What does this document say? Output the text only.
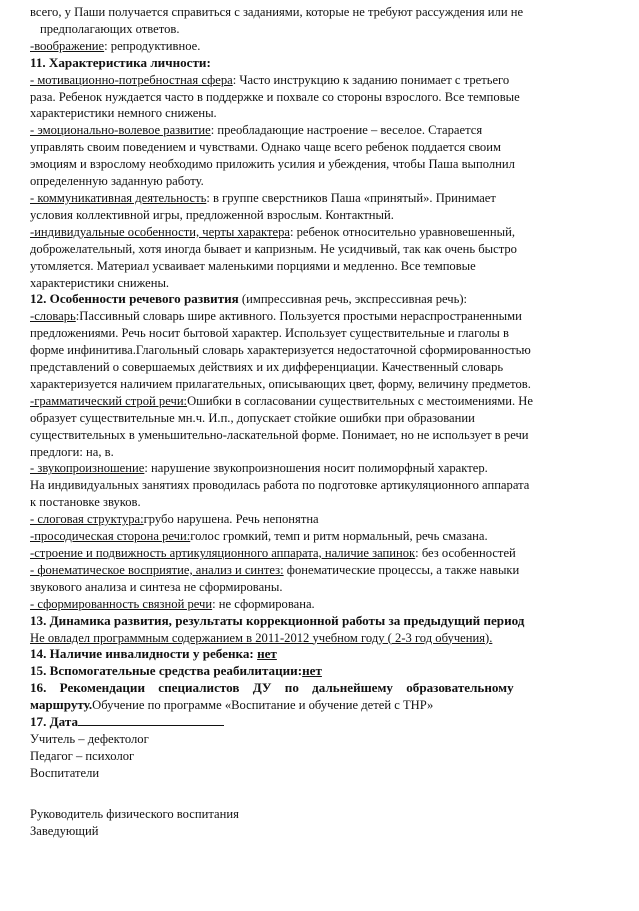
всего, у Паши получается справиться с заданиями, которые не требуют рассуждения или не
предполагающих ответов.
-воображение: репродуктивное.
11. Характеристика личности:
- мотивационно-потребностная сфера: Часто инструкцию к заданию понимает с третьего
раза. Ребенок нуждается часто в поддержке и похвале со стороны взрослого. Все темповые
характеристики немного снижены.
- эмоционально-волевое развитие: преобладающие настроение – веселое. Старается
управлять своим поведением и чувствами. Однако чаще всего ребенок поддается своим
эмоциям и взрослому необходимо приложить усилия и убеждения, чтобы Паша выполнил
определенную заданную работу.
- коммуникативная деятельность: в группе сверстников Паша «принятый». Принимает
условия коллективной игры, предложенной взрослым. Контактный.
-индивидуальные особенности, черты характера: ребенок относительно уравновешенный,
доброжелательный, хотя иногда бывает и капризным. Не усидчивый, так как очень быстро
утомляется. Материал усваивает маленькими порциями и медленно. Все темповые
характеристики снижены.
12. Особенности речевого развития (импрессивная речь, экспрессивная речь):
-словарь:Пассивный словарь шире активного. Пользуется простыми нераспространенными
предложениями. Речь носит бытовой характер. Использует существительные и глаголы в
форме инфинитива.Глагольный словарь характеризуется недостаточной сформированностью
представлений о совершаемых действиях и их дифференциации. Качественный словарь
характеризуется наличием прилагательных, описывающих цвет, форму, величину предметов.
-грамматический строй речи:Ошибки в согласовании существительных с местоимениями. Не
образует существительные мн.ч. И.п., допускает стойкие ошибки при образовании
существительных в уменьшительно-ласкательной форме. Понимает, но не использует в речи
предлоги: на, в.
- звукопроизношение: нарушение звукопроизношения носит полиморфный характер.
На индивидуальных занятиях проводилась работа по подготовке артикуляционного аппарата
к постановке звуков.
- слоговая структура:грубо нарушена. Речь непонятна
-просодическая сторона речи:голос громкий, темп и ритм нормальный, речь смазана.
-строение и подвижность артикуляционного аппарата, наличие запинок: без особенностей
- фонематическое восприятие, анализ и синтез: фонематические процессы, а также навыки
звукового анализа и синтеза не сформированы.
- сформированность связной речи: не сформирована.
13. Динамика развития, результаты коррекционной работы за предыдущий период
Не овладел программным содержанием в 2011-2012 учебном году ( 2-3 год обучения).
14. Наличие инвалидности у ребенка: нет
15. Вспомогательные средства реабилитации:нет
16. Рекомендации специалистов ДУ по дальнейшему образовательному
маршруту.Обучение по программе «Воспитание и обучение детей с ТНР»
17. Дата
Учитель – дефектолог
Педагог – психолог
Воспитатели
Руководитель физического воспитания
Заведующий
